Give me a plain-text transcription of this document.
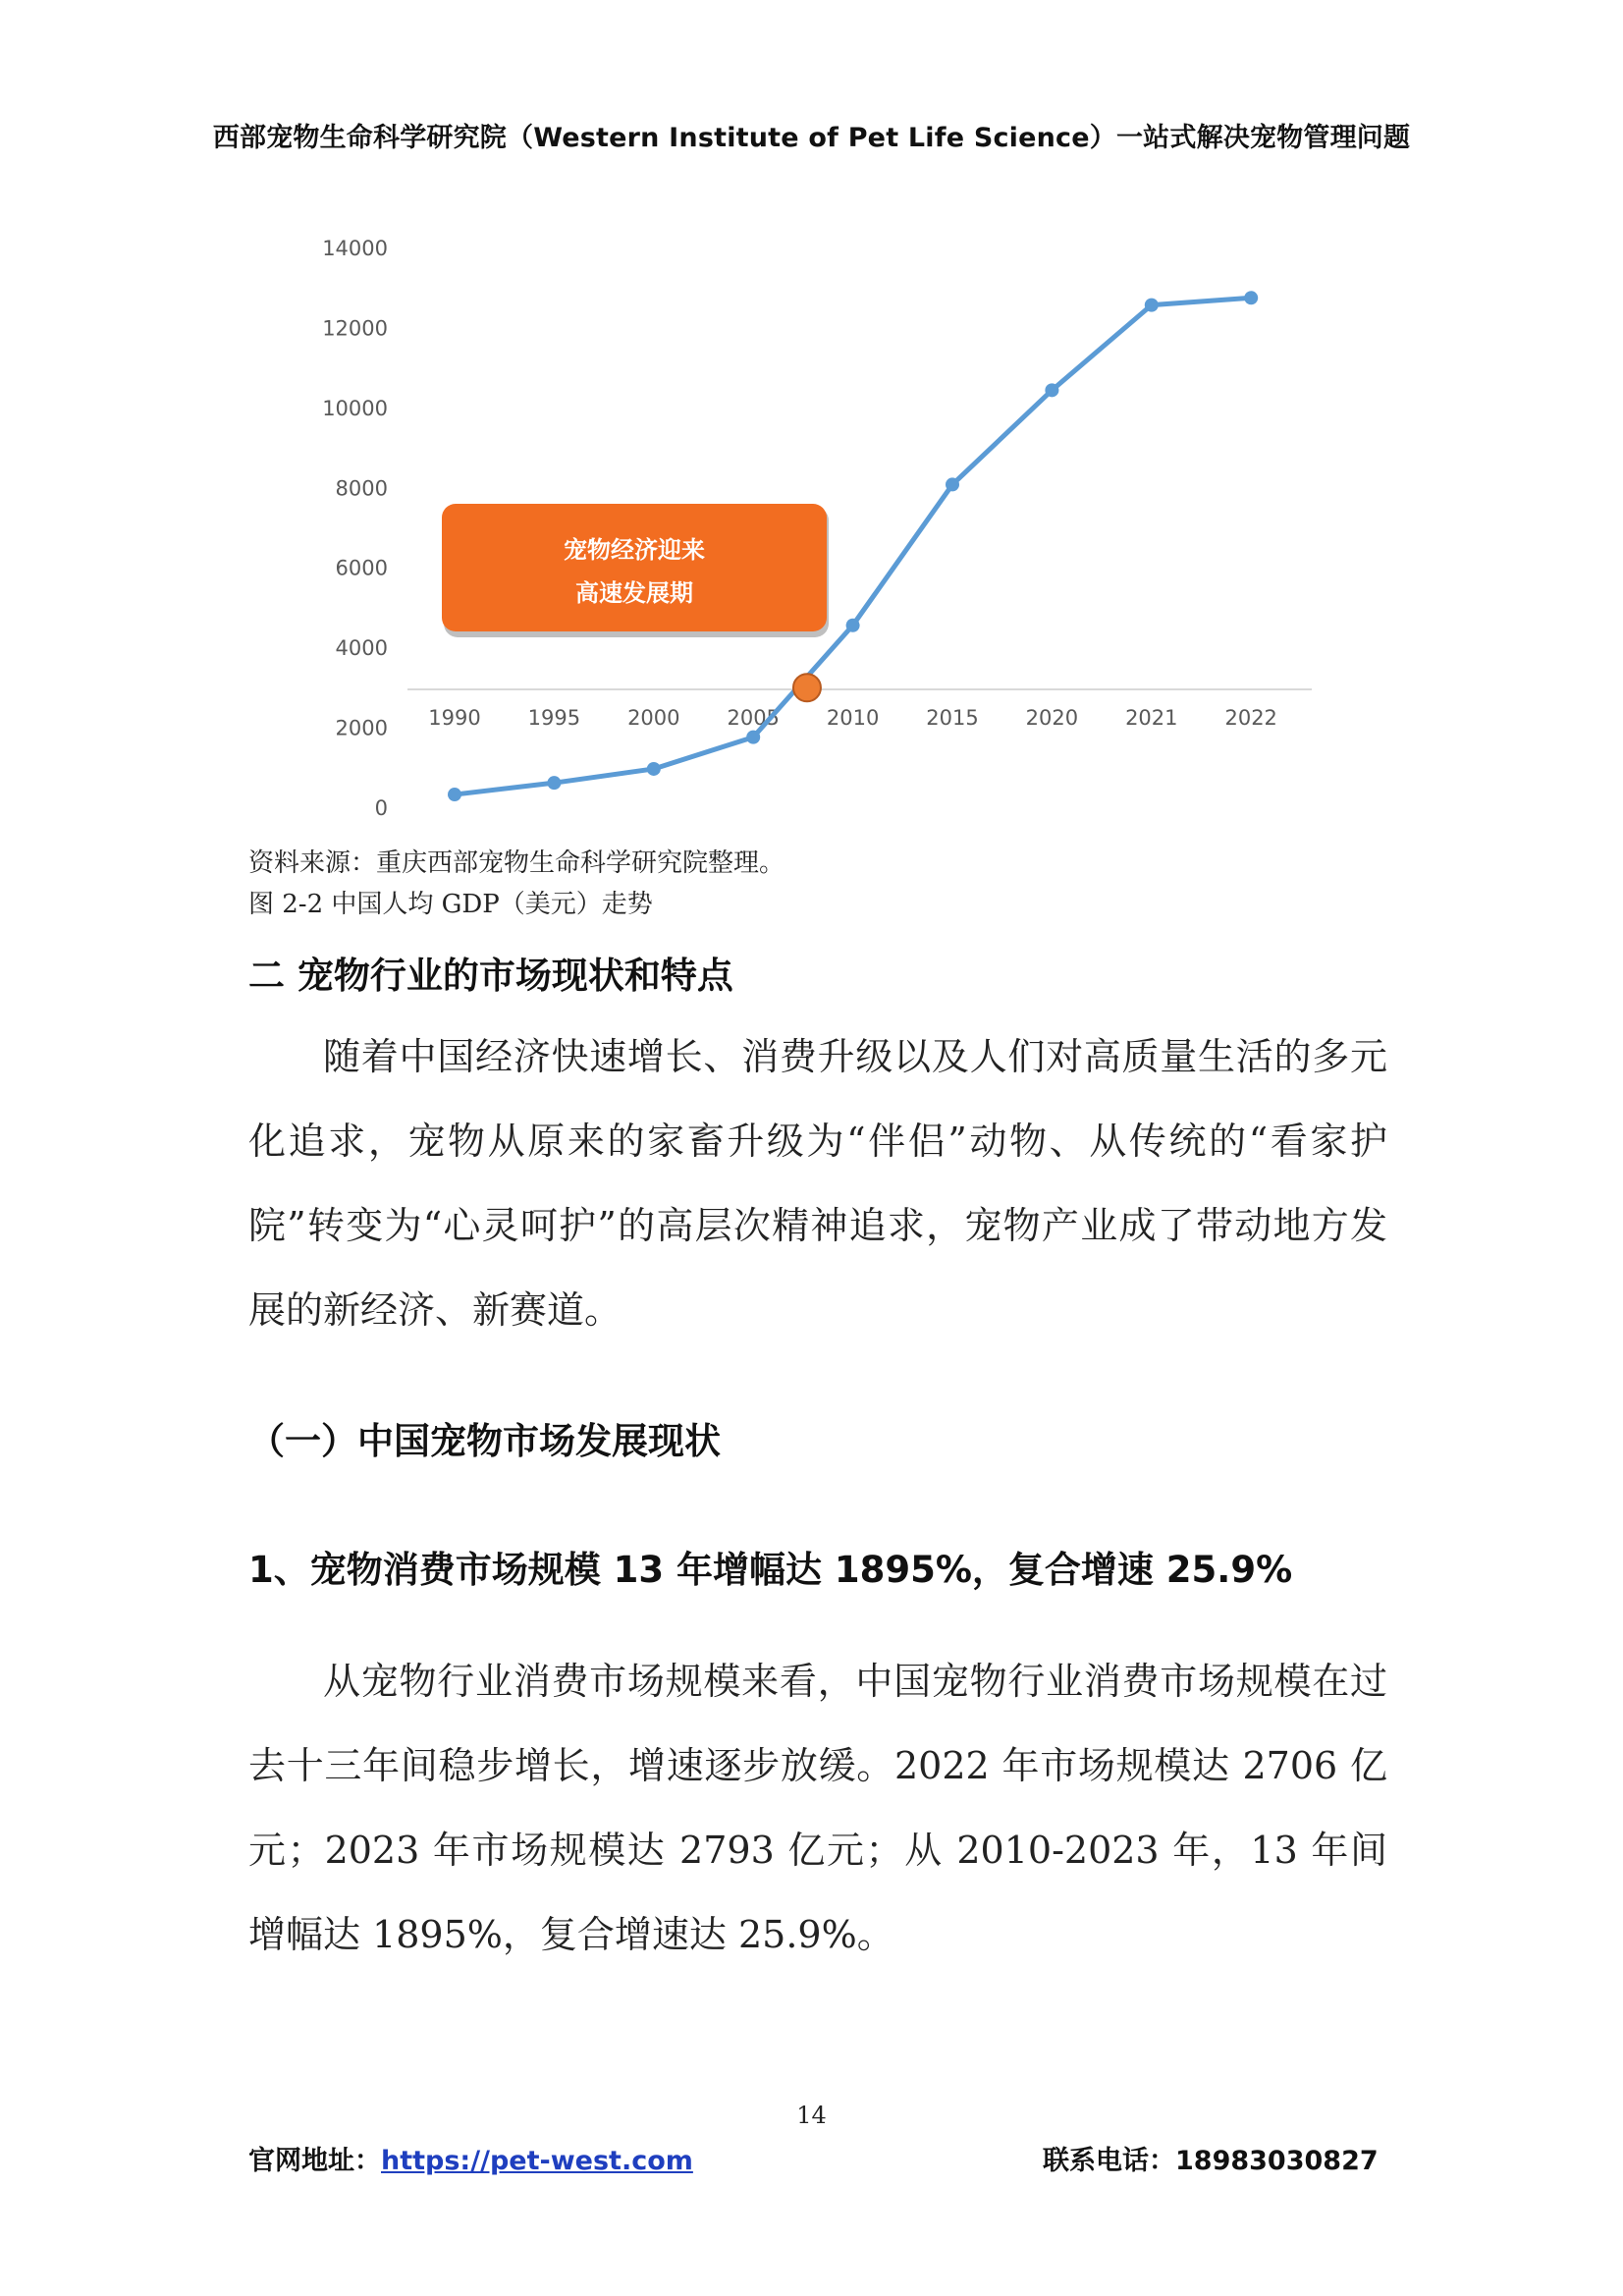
西部宠物生命科学研究院（Western Institute of Pet Life Science）一站式解决宠物管理问题
0
2000
4000
6000
8000
10000
12000
14000
1990 1995 2000 2005 2010 2015 2020 2021 2022
宠物经济迎来
高速发展期
资料来源：重庆西部宠物生命科学研究院整理。
图 2-2 中国人均 GDP（美元）走势
二 宠物行业的市场现状和特点
随着中国经济快速增长、消费升级以及人们对高质量生活的多元化追求，宠物从原来的家畜升级为“伴侣”动物、从传统的“看家护院”转变为“心灵呵护”的高层次精神追求，宠物产业成了带动地方发展的新经济、新赛道。
（一）中国宠物市场发展现状
1、宠物消费市场规模 13 年增幅达 1895%，复合增速 25.9%
从宠物行业消费市场规模来看，中国宠物行业消费市场规模在过去十三年间稳步增长，增速逐步放缓。2022 年市场规模达 2706 亿元；2023 年市场规模达 2793 亿元；从 2010-2023 年，13 年间增幅达 1895%，复合增速达 25.9%。
14
官网地址：https://pet-west.com	联系电话：18983030827
